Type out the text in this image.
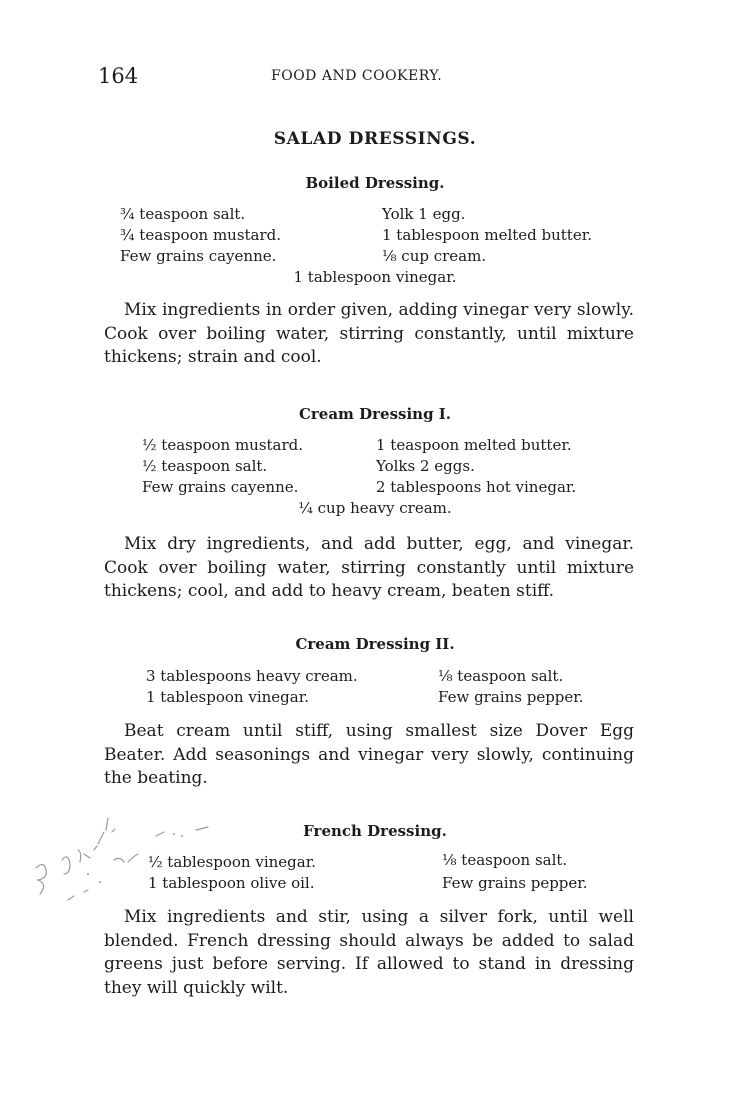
164	FOOD AND COOKERY.
SALAD DRESSINGS.
Boiled Dressing.
¾ teaspoon salt.
¾ teaspoon mustard.
Few grains cayenne.
Yolk 1 egg.
1 tablespoon melted butter.
⅛ cup cream.
1 tablespoon vinegar.
Mix ingredients in order given, adding vinegar very slowly. Cook over boiling water, stirring constantly, until mixture thickens; strain and cool.
Cream Dressing I.
½ teaspoon mustard.
½ teaspoon salt.
Few grains cayenne.
1 teaspoon melted butter.
Yolks 2 eggs.
2 tablespoons hot vinegar.
¼ cup heavy cream.
Mix dry ingredients, and add butter, egg, and vinegar. Cook over boiling water, stirring constantly until mixture thickens; cool, and add to heavy cream, beaten stiff.
Cream Dressing II.
3 tablespoons heavy cream.
1 tablespoon vinegar.
⅛ teaspoon salt.
Few grains pepper.
Beat cream until stiff, using smallest size Dover Egg Beater. Add seasonings and vinegar very slowly, continuing the beating.
French Dressing.
½ tablespoon vinegar.
1 tablespoon olive oil.
⅛ teaspoon salt.
Few grains pepper.
Mix ingredients and stir, using a silver fork, until well blended. French dressing should always be added to salad greens just before serving. If allowed to stand in dressing they will quickly wilt.
